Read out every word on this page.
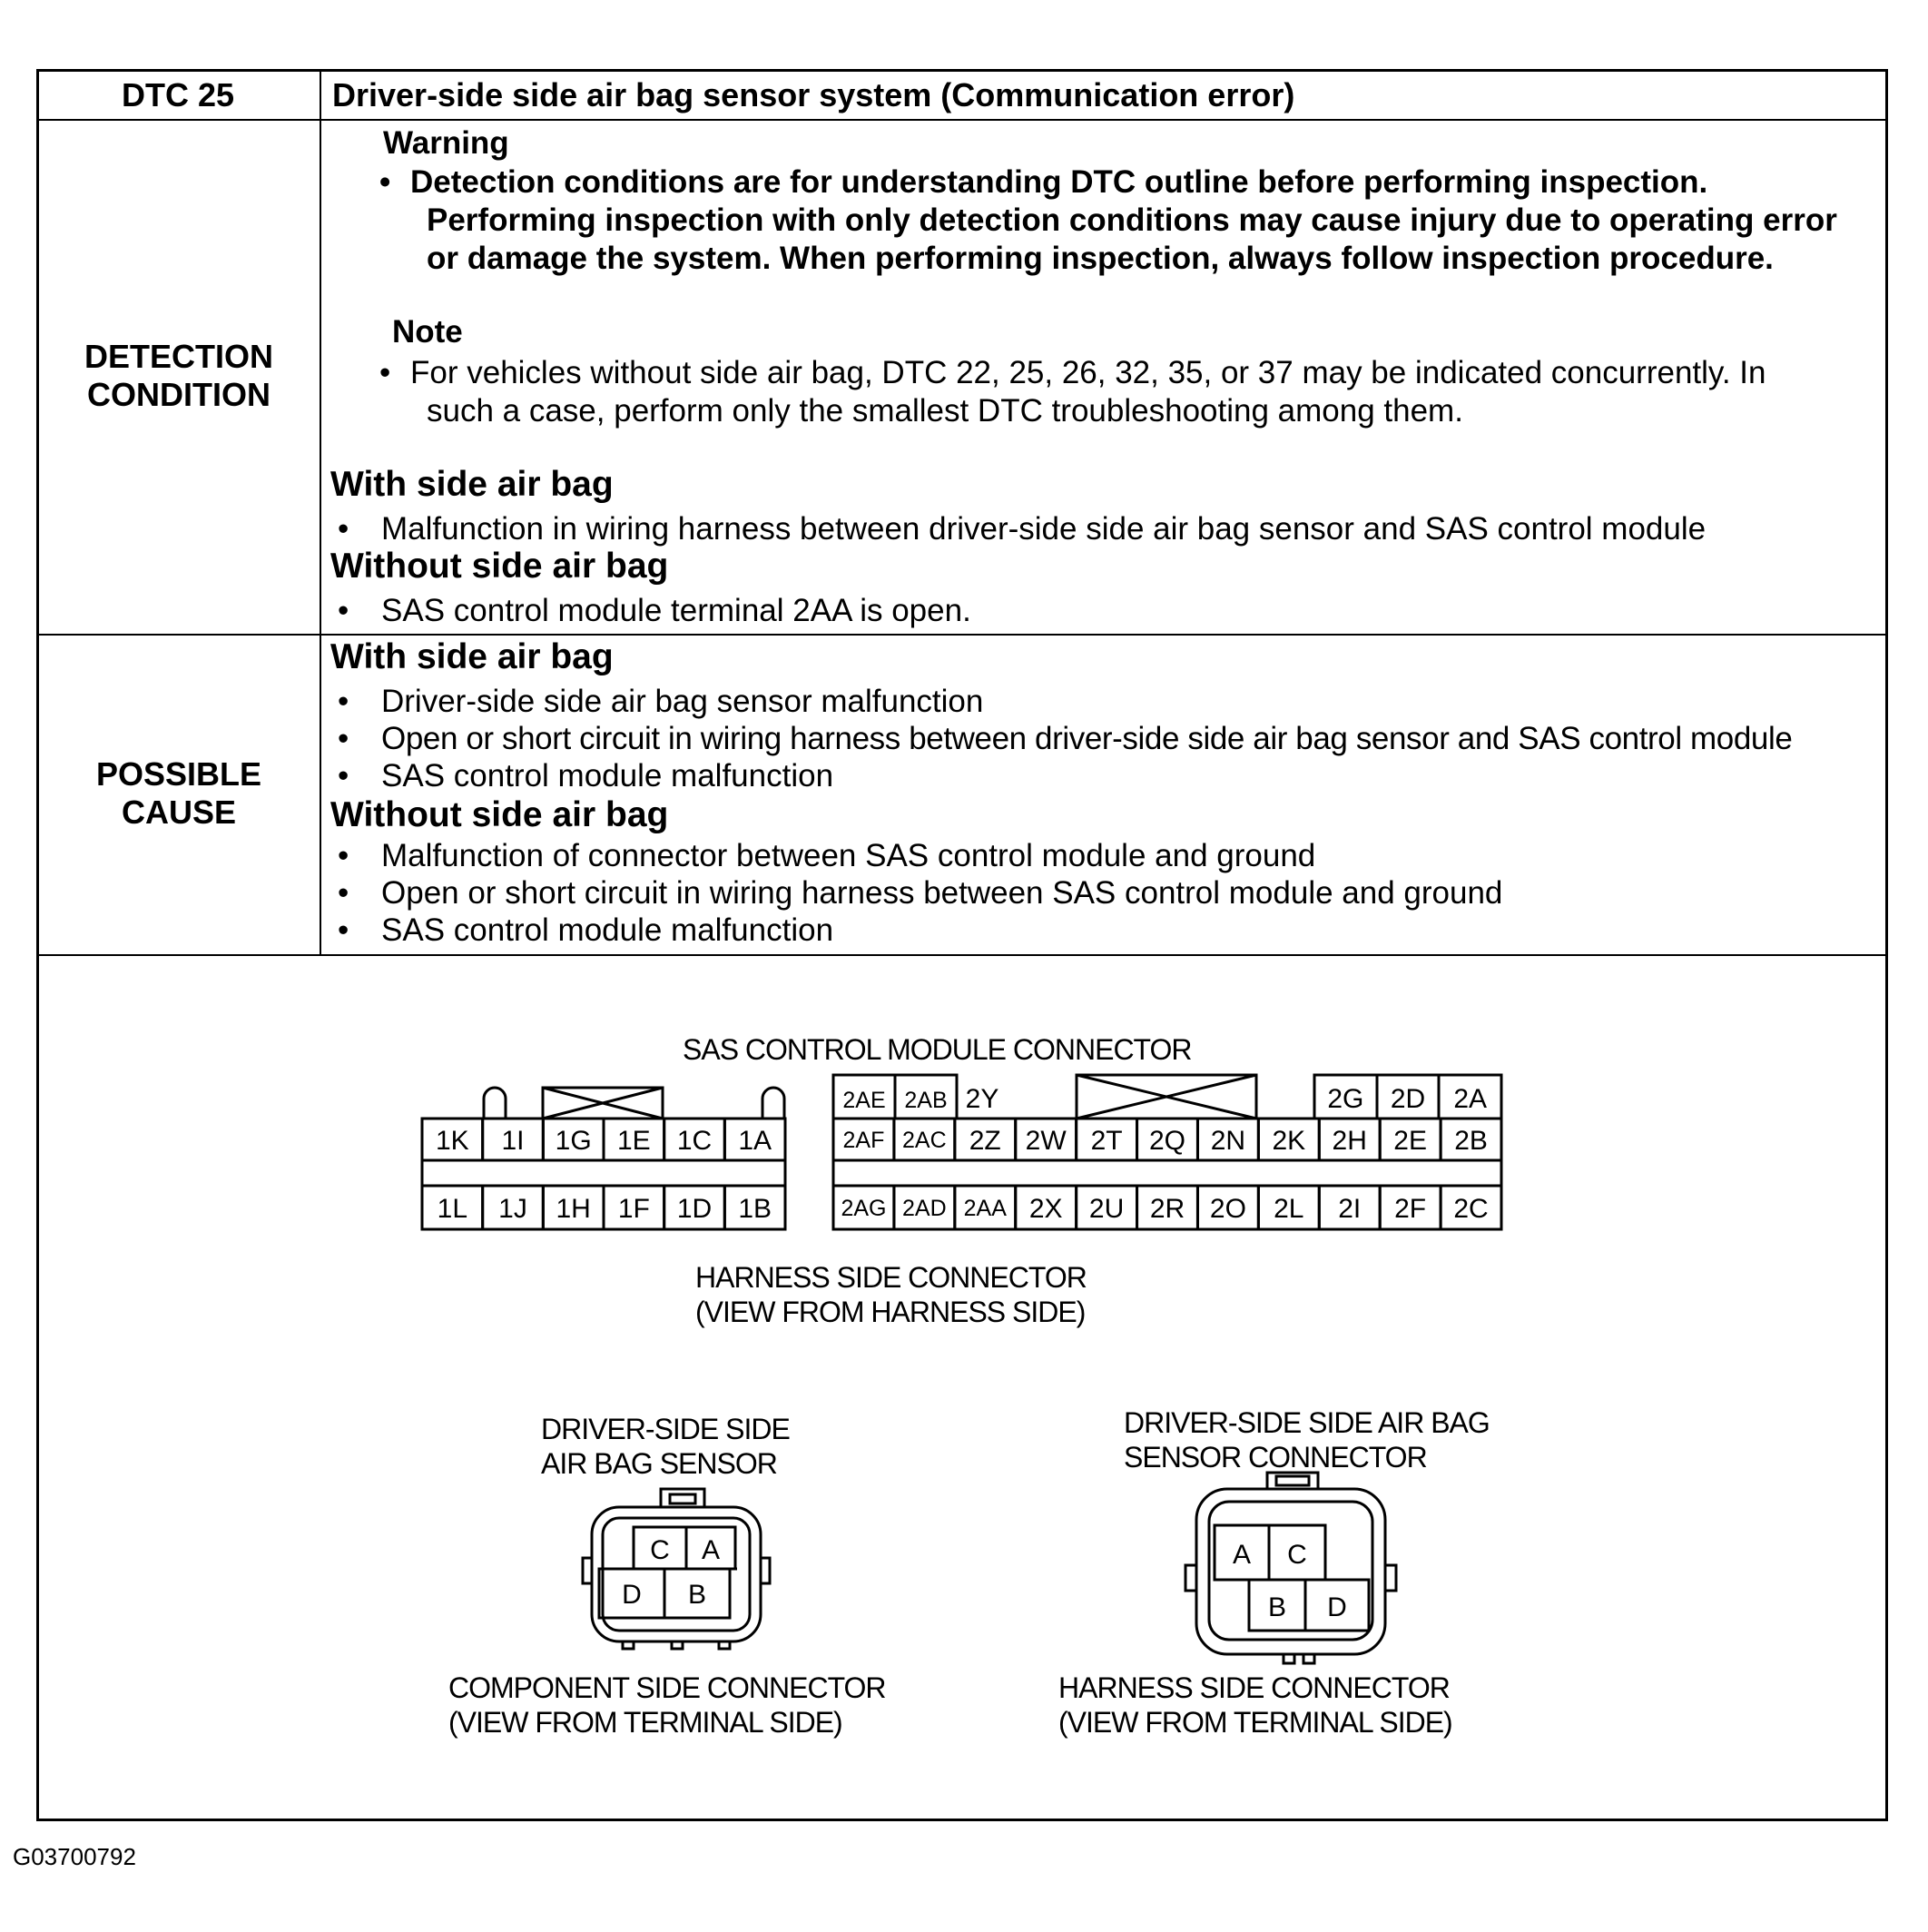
DTC 25	Driver-side side air bag sensor system (Communication error)
DETECTION
CONDITION
Warning
• Detection conditions are for understanding DTC outline before performing inspection.
Performing inspection with only detection conditions may cause injury due to operating error
or damage the system. When performing inspection, always follow inspection procedure.
Note
• For vehicles without side air bag, DTC 22, 25, 26, 32, 35, or 37 may be indicated concurrently. In
such a case, perform only the smallest DTC troubleshooting among them.
With side air bag
• Malfunction in wiring harness between driver-side side air bag sensor and SAS control module
Without side air bag
• SAS control module terminal 2AA is open.
POSSIBLE
CAUSE
With side air bag
• Driver-side side air bag sensor malfunction
• Open or short circuit in wiring harness between driver-side side air bag sensor and SAS control module
• SAS control module malfunction
Without side air bag
• Malfunction of connector between SAS control module and ground
• Open or short circuit in wiring harness between SAS control module and ground
• SAS control module malfunction
SAS CONTROL MODULE CONNECTOR
HARNESS SIDE CONNECTOR
(VIEW FROM HARNESS SIDE)
DRIVER-SIDE SIDE
AIR BAG SENSOR
COMPONENT SIDE CONNECTOR
(VIEW FROM TERMINAL SIDE)
DRIVER-SIDE SIDE AIR BAG
SENSOR CONNECTOR
HARNESS SIDE CONNECTOR
(VIEW FROM TERMINAL SIDE)
G03700792
1K 1I 1G 1E 1C 1A
1L 1J 1H 1F 1D 1B
2AF 2AC 2Z 2W 2T 2Q 2N 2K 2H 2E 2B
2AG 2AD 2AA 2X 2U 2R 2O 2L 2I 2F 2C
2AE 2AB 2Y	2G 2D 2A
C A
D B
A C
B D
